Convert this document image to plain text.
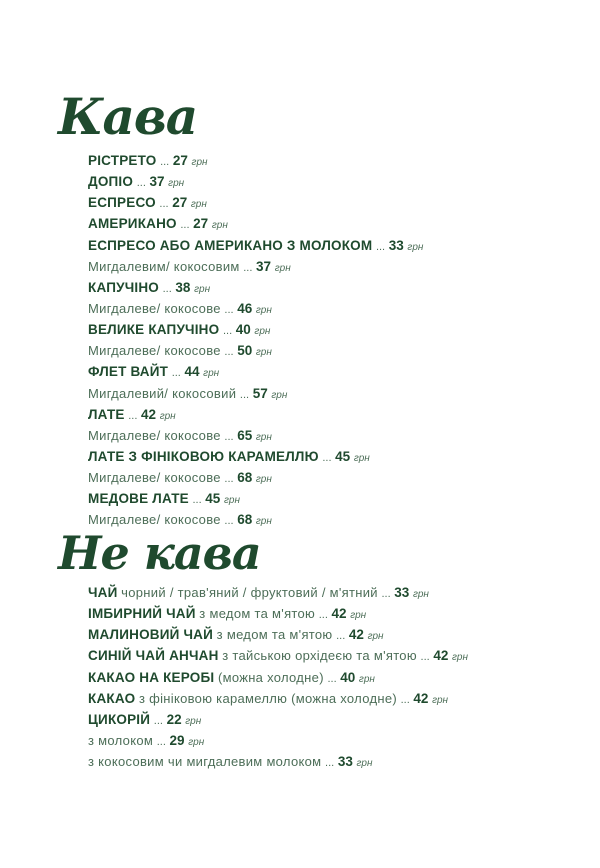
Кава
РІСТРЕТО ... 27 грн
ДОПІО ... 37 грн
ЕСПРЕСО ... 27 грн
АМЕРИКАНО ... 27 грн
ЕСПРЕСО АБО АМЕРИКАНО З МОЛОКОМ ... 33 грн
Мигдалевим/ кокосовим ... 37 грн
КАПУЧІНО ... 38 грн
Мигдалеве/ кокосове ... 46 грн
ВЕЛИКЕ КАПУЧІНО ... 40 грн
Мигдалеве/ кокосове ... 50 грн
ФЛЕТ ВАЙТ ... 44 грн
Мигдалевий/ кокосовий ... 57 грн
ЛАТЕ ... 42 грн
Мигдалеве/ кокосове ... 65 грн
ЛАТЕ З ФІНІКОВОЮ КАРАМЕЛЛЮ ... 45 грн
Мигдалеве/ кокосове ... 68 грн
МЕДОВЕ ЛАТЕ ... 45 грн
Мигдалеве/ кокосове ... 68 грн
Не кава
ЧАЙ чорний / трав'яний / фруктовий / м'ятний ... 33 грн
ІМБИРНИЙ ЧАЙ з медом та м'ятою ... 42 грн
МАЛИНОВИЙ ЧАЙ з медом та м'ятою ... 42 грн
СИНІЙ ЧАЙ АНЧАН з тайською орхідеєю та м'ятою ... 42 грн
КАКАО НА КЕРОБІ (можна холодне) ... 40 грн
КАКАО з фініковою карамеллю (можна холодне) ... 42 грн
ЦИКОРІЙ ... 22 грн
з молоком ... 29 грн
з кокосовим чи мигдалевим молоком ... 33 грн
